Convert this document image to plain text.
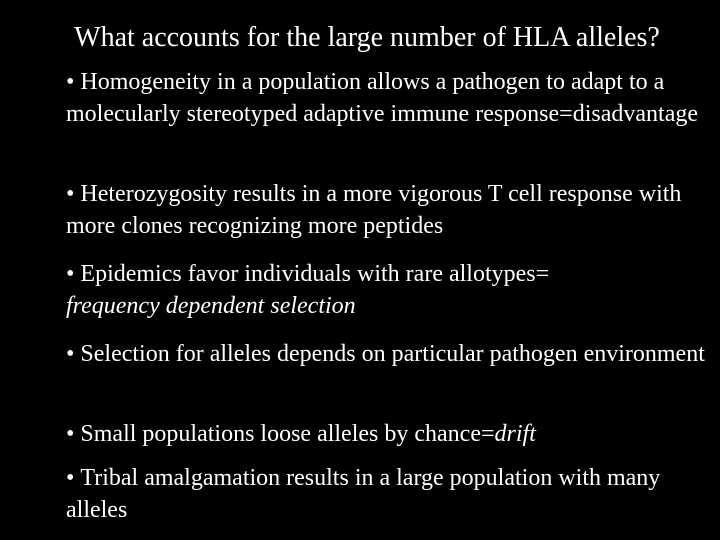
What accounts for the large number of HLA alleles?
• Homogeneity in a population allows a pathogen to adapt to a molecularly stereotyped adaptive immune response=disadvantage
• Heterozygosity results in a more vigorous T cell response with more clones recognizing more peptides
• Epidemics favor individuals with rare allotypes=
frequency dependent selection
• Selection for alleles depends on particular pathogen environment
• Small populations loose alleles by chance=drift
• Tribal amalgamation results in a large population with many alleles
